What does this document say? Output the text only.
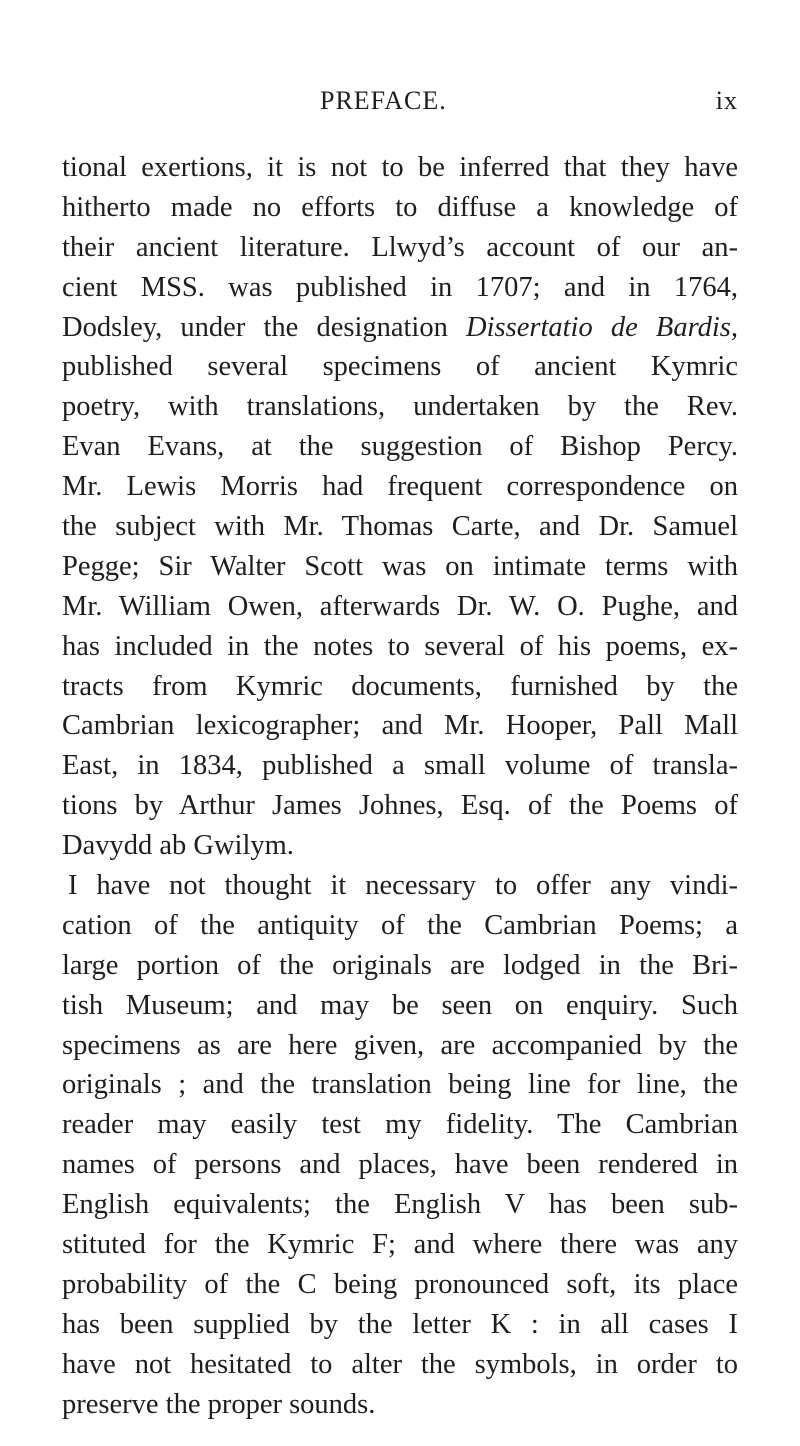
PREFACE.	ix
tional exertions, it is not to be inferred that they have
hitherto made no efforts to diffuse a knowledge of
their ancient literature. Llwyd’s account of our an-
cient MSS. was published in 1707; and in 1764,
Dodsley, under the designation Dissertatio de Bardis,
published several specimens of ancient Kymric
poetry, with translations, undertaken by the Rev.
Evan Evans, at the suggestion of Bishop Percy.
Mr. Lewis Morris had frequent correspondence on
the subject with Mr. Thomas Carte, and Dr. Samuel
Pegge; Sir Walter Scott was on intimate terms with
Mr. William Owen, afterwards Dr. W. O. Pughe, and
has included in the notes to several of his poems, ex-
tracts from Kymric documents, furnished by the
Cambrian lexicographer; and Mr. Hooper, Pall Mall
East, in 1834, published a small volume of transla-
tions by Arthur James Johnes, Esq. of the Poems of
Davydd ab Gwilym.
I have not thought it necessary to offer any vindi-
cation of the antiquity of the Cambrian Poems; a
large portion of the originals are lodged in the Bri-
tish Museum; and may be seen on enquiry. Such
specimens as are here given, are accompanied by the
originals ; and the translation being line for line, the
reader may easily test my fidelity. The Cambrian
names of persons and places, have been rendered in
English equivalents; the English V has been sub-
stituted for the Kymric F; and where there was any
probability of the C being pronounced soft, its place
has been supplied by the letter K : in all cases I
have not hesitated to alter the symbols, in order to
preserve the proper sounds.
